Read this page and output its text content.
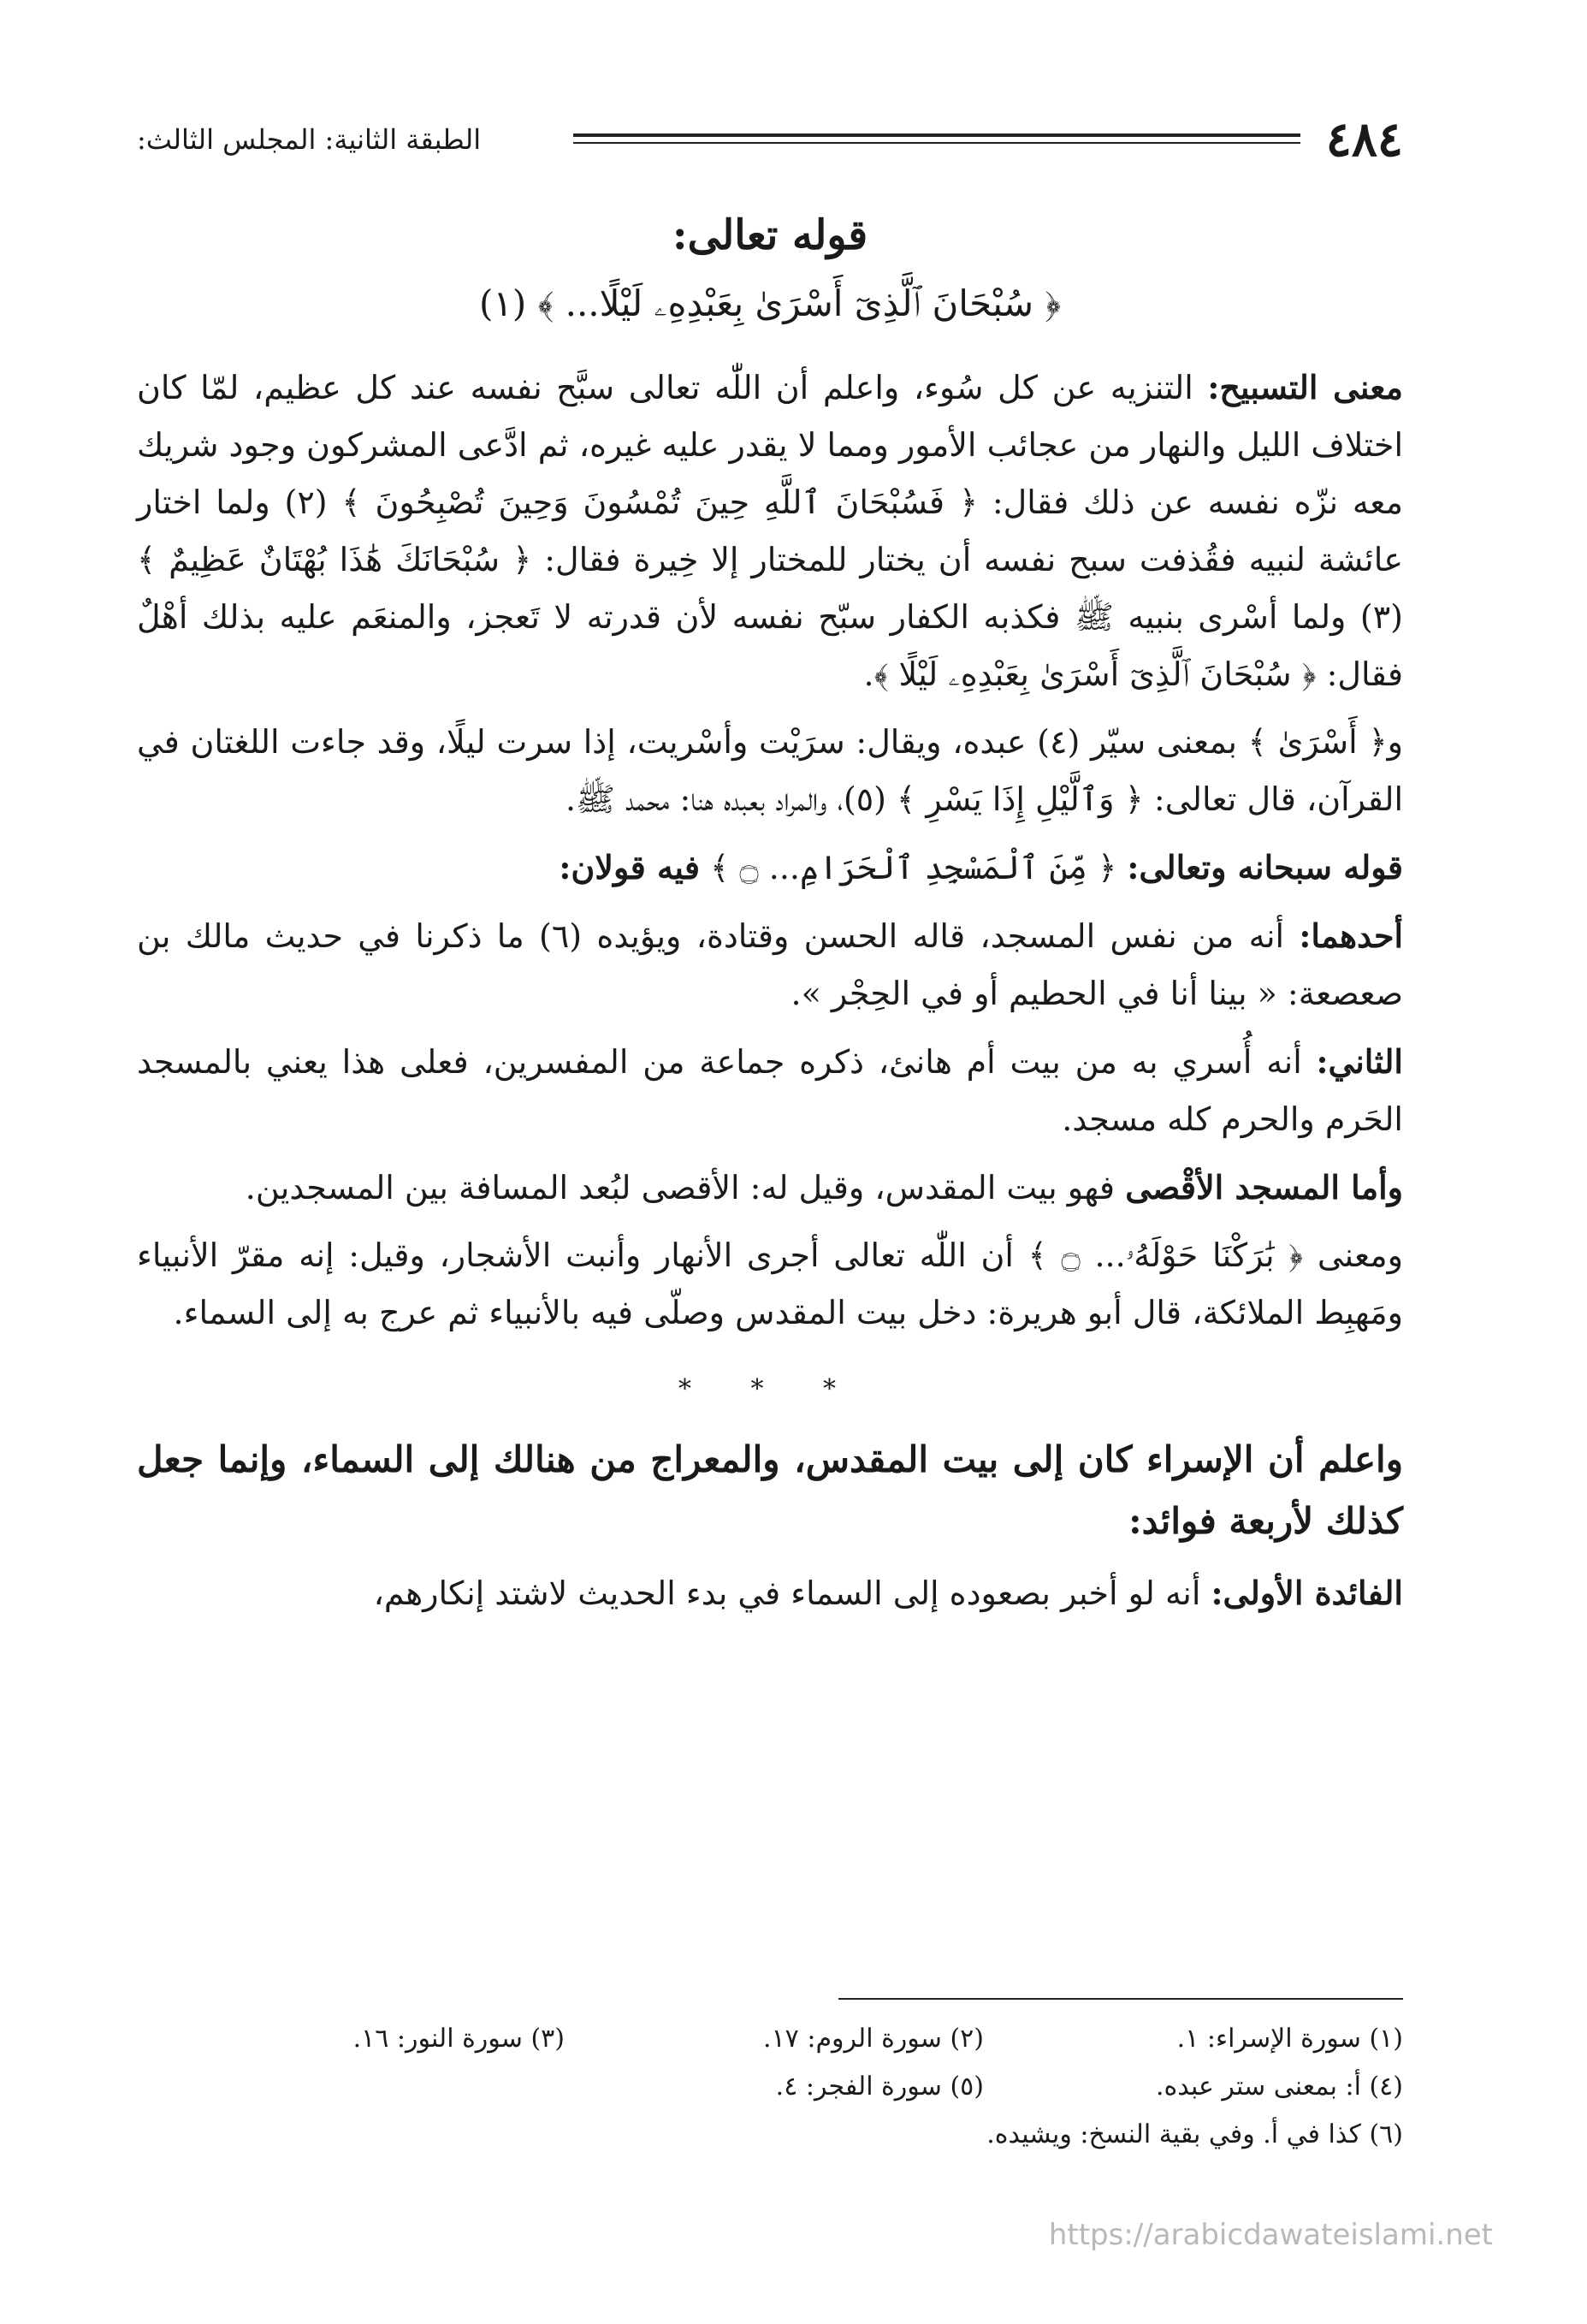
٤٨٤
الطبقة الثانية: المجلس الثالث:

قوله تعالى:

﴿ سُبْحَانَ ٱلَّذِىٓ أَسْرَىٰ بِعَبْدِهِۦ لَيْلًا... ﴾ (١)

معنى التسبيح: التنزيه عن كل سُوء، واعلم أن اللّٰه تعالى سبَّح نفسه عند كل عظيم، لمّا كان اختلاف الليل والنهار من عجائب الأمور ومما لا يقدر عليه غيره، ثم ادَّعى المشركون وجود شريك معه نزّه نفسه عن ذلك فقال: ﴿ فَسُبْحَانَ ٱللَّهِ حِينَ تُمْسُونَ وَحِينَ تُصْبِحُونَ ﴾ (٢) ولما اختار عائشة لنبيه فقُذفت سبح نفسه أن يختار للمختار إلا خِيرة فقال: ﴿ سُبْحَانَكَ هَٰذَا بُهْتَانٌ عَظِيمٌ ﴾ (٣) ولما أسْرى بنبيه ﷺ فكذبه الكفار سبّح نفسه لأن قدرته لا تَعجز، والمنعَم عليه بذلك أهْلٌ فقال: ﴿ سُبْحَانَ ٱلَّذِىٓ أَسْرَىٰ بِعَبْدِهِۦ لَيْلًا ﴾.

و﴿ أَسْرَىٰ ﴾ بمعنى سيّر (٤) عبده، ويقال: سرَيْت وأسْريت، إذا سرت ليلًا، وقد جاءت اللغتان في القرآن، قال تعالى: ﴿ وَٱلَّيْلِ إِذَا يَسْرِ ﴾ (٥)، والمراد بعبده هنا: محمد ﷺ.

قوله سبحانه وتعالى: ﴿ مِّنَ ٱلْمَسْجِدِ ٱلْحَرَامِ... ۝ ﴾ فيه قولان:

أحدهما: أنه من نفس المسجد، قاله الحسن وقتادة، ويؤيده (٦) ما ذكرنا في حديث مالك بن صعصعة: « بينا أنا في الحطيم أو في الحِجْر ».

الثاني: أنه أُسري به من بيت أم هانئ، ذكره جماعة من المفسرين، فعلى هذا يعني بالمسجد الحَرم والحرم كله مسجد.

وأما المسجد الأقْصى فهو بيت المقدس، وقيل له: الأقصى لبُعد المسافة بين المسجدين.

ومعنى ﴿ بَٰرَكْنَا حَوْلَهُۥ... ۝ ﴾ أن اللّٰه تعالى أجرى الأنهار وأنبت الأشجار، وقيل: إنه مقرّ الأنبياء ومَهبِط الملائكة، قال أبو هريرة: دخل بيت المقدس وصلّى فيه بالأنبياء ثم عرج به إلى السماء.

* * *

واعلم أن الإسراء كان إلى بيت المقدس، والمعراج من هنالك إلى السماء، وإنما جعل كذلك لأربعة فوائد:

الفائدة الأولى: أنه لو أخبر بصعوده إلى السماء في بدء الحديث لاشتد إنكارهم،

(١) سورة الإسراء: ١.
(٢) سورة الروم: ١٧.
(٣) سورة النور: ١٦.
(٤) أ: بمعنى ستر عبده.
(٥) سورة الفجر: ٤.
(٦) كذا في أ. وفي بقية النسخ: ويشيده.
https://arabicdawateislami.net
